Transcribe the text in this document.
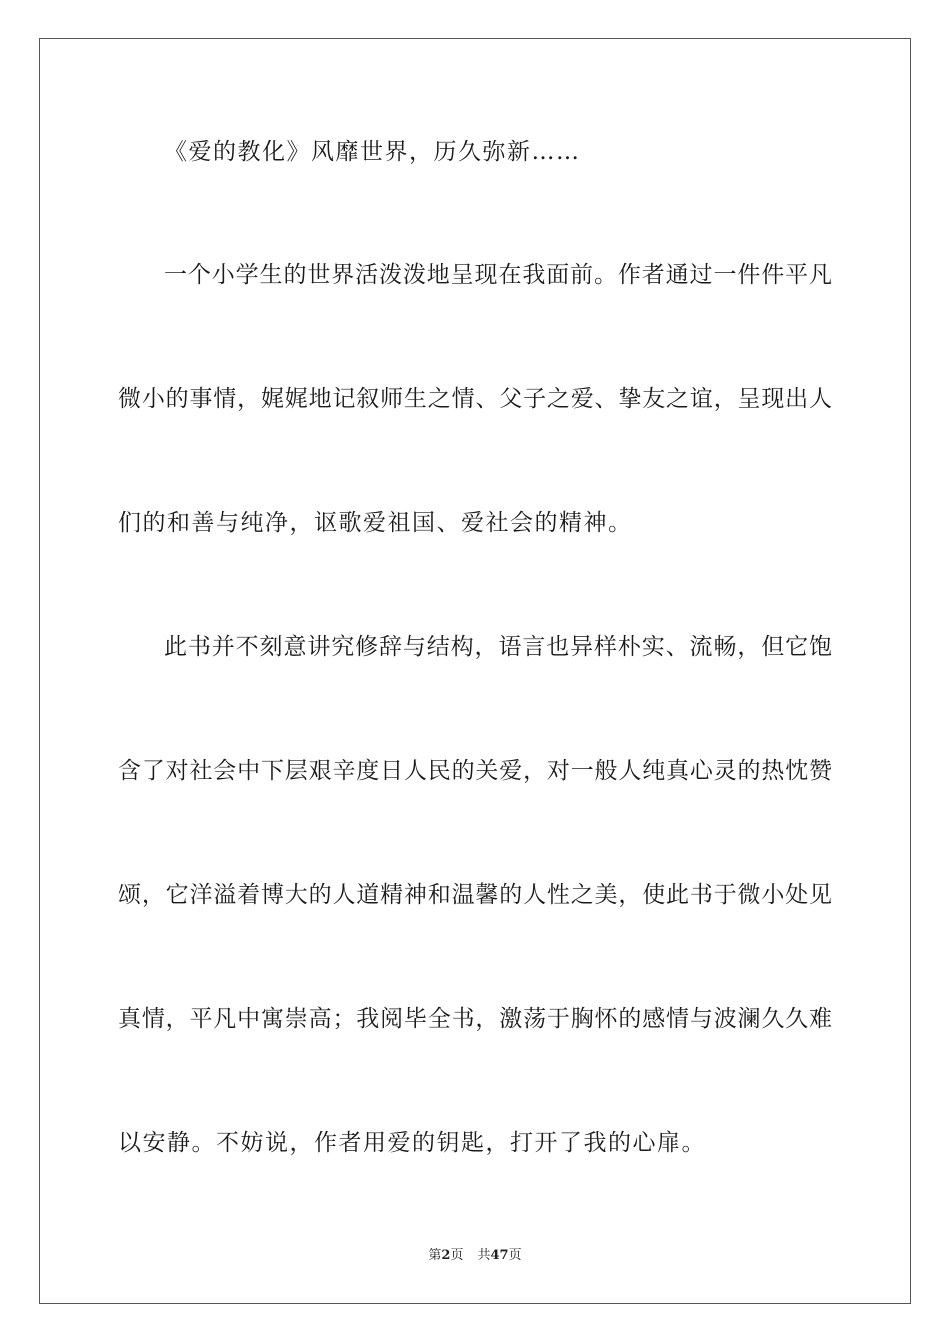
《爱的教化》风靡世界，历久弥新……
一个小学生的世界活泼泼地呈现在我面前。作者通过一件件平凡
微小的事情，娓娓地记叙师生之情、父子之爱、挚友之谊，呈现出人
们的和善与纯净，讴歌爱祖国、爱社会的精神。
此书并不刻意讲究修辞与结构，语言也异样朴实、流畅，但它饱
含了对社会中下层艰辛度日人民的关爱，对一般人纯真心灵的热忱赞
颂，它洋溢着博大的人道精神和温馨的人性之美，使此书于微小处见
真情，平凡中寓崇高；我阅毕全书，激荡于胸怀的感情与波澜久久难
以安静。不妨说，作者用爱的钥匙，打开了我的心扉。
第2页 共47页
